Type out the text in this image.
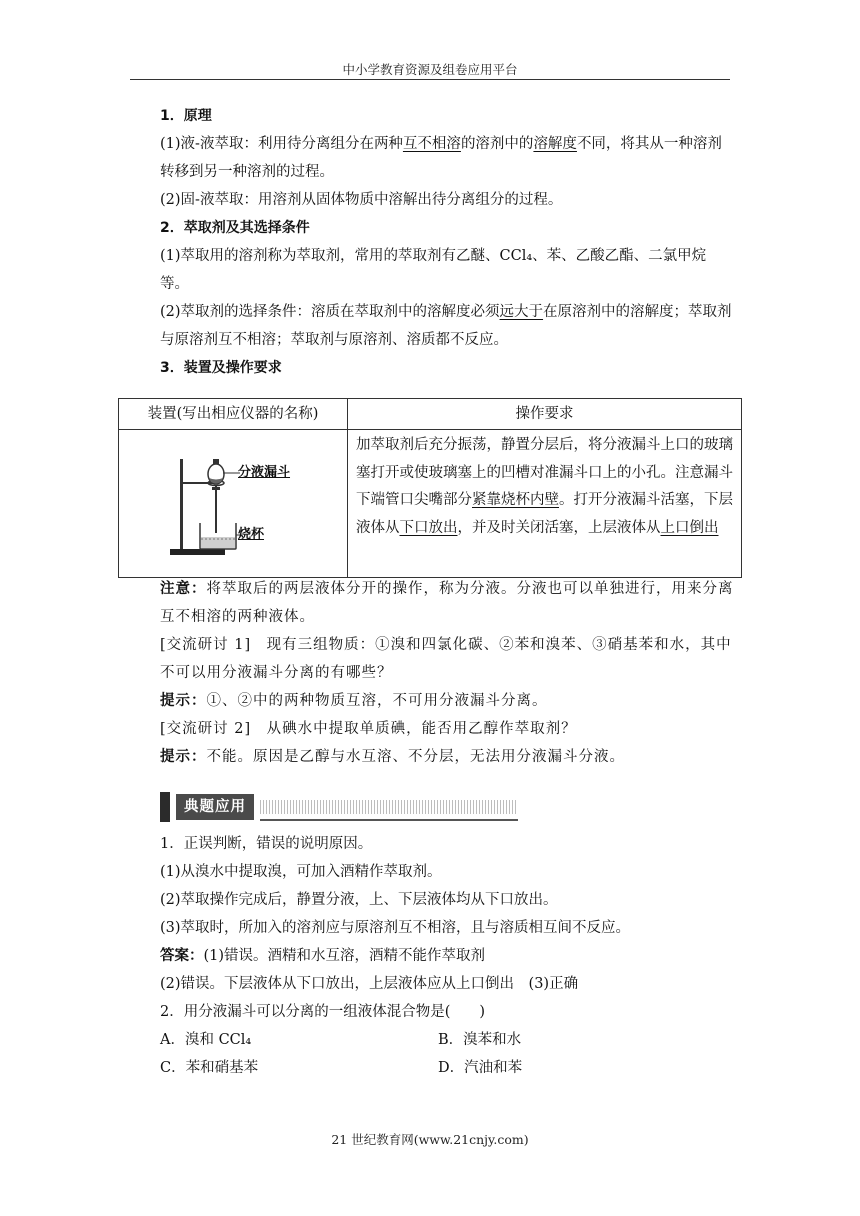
中小学教育资源及组卷应用平台

1．原理

(1)液-液萃取：利用待分离组分在两种互不相溶的溶剂中的溶解度不同，将其从一种溶剂转移到另一种溶剂的过程。

(2)固-液萃取：用溶剂从固体物质中溶解出待分离组分的过程。

2．萃取剂及其选择条件

(1)萃取用的溶剂称为萃取剂，常用的萃取剂有乙醚、CCl₄、苯、乙酸乙酯、二氯甲烷等。

(2)萃取剂的选择条件：溶质在萃取剂中的溶解度必须远大于在原溶剂中的溶解度；萃取剂与原溶剂互不相溶；萃取剂与原溶剂、溶质都不反应。

3．装置及操作要求

装置(写出相应仪器的名称)	操作要求

分液漏斗
烧杯	加萃取剂后充分振荡，静置分层后，将分液漏斗上口的玻璃塞打开或使玻璃塞上的凹槽对准漏斗口上的小孔。注意漏斗下端管口尖嘴部分紧靠烧杯内壁。打开分液漏斗活塞，下层液体从下口放出，并及时关闭活塞，上层液体从上口倒出

注意：将萃取后的两层液体分开的操作，称为分液。分液也可以单独进行，用来分离互不相溶的两种液体。

[交流研讨 1]　 现有三组物质：①溴和四氯化碳、②苯和溴苯、③硝基苯和水，其中不可以用分液漏斗分离的有哪些？

提示：①、②中的两种物质互溶，不可用分液漏斗分离。

[交流研讨 2]　 从碘水中提取单质碘，能否用乙醇作萃取剂？

提示：不能。原因是乙醇与水互溶、不分层，无法用分液漏斗分液。

典题应用

1．正误判断，错误的说明原因。

(1)从溴水中提取溴，可加入酒精作萃取剂。

(2)萃取操作完成后，静置分液，上、下层液体均从下口放出。

(3)萃取时，所加入的溶剂应与原溶剂互不相溶，且与溶质相互间不反应。

答案：(1)错误。酒精和水互溶，酒精不能作萃取剂

(2)错误。下层液体从下口放出，上层液体应从上口倒出　(3)正确

2．用分液漏斗可以分离的一组液体混合物是(　　)

A．溴和 CCl₄	B．溴苯和水
C．苯和硝基苯	D．汽油和苯
21 世纪教育网(www.21cnjy.com)
